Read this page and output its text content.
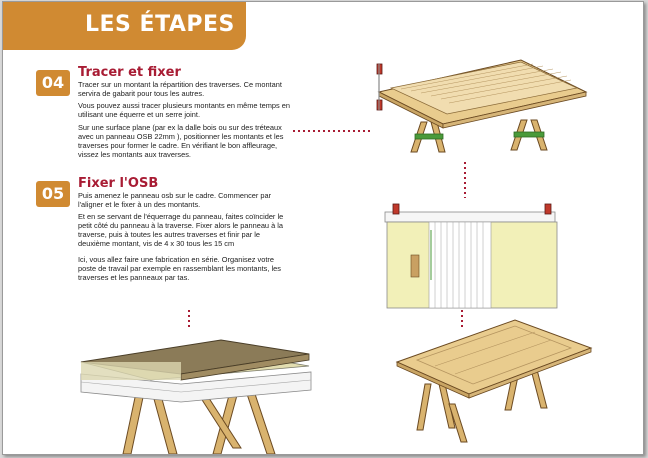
LES ÉTAPES
04
Tracer et fixer

Tracer sur un montant la répartition des traverses. Ce montant servira de gabarit pour tous les autres.

Vous pouvez aussi tracer plusieurs montants en même temps en utilisant une équerre et un serre joint.

Sur une surface plane (par ex la dalle bois ou sur des tréteaux avec un panneau OSB 22mm ), positionner les montants et les traverses pour former le cadre. En vérifiant le bon affleurage, vissez les montants aux traverses.

05
Fixer l'OSB

Puis amenez le panneau osb sur le cadre. Commencer par l'aligner et le fixer à un des montants.

Et en se servant de l'équerrage du panneau, faites coïncider le petit côté du panneau à la traverse. Fixer alors le panneau à la traverse, puis à toutes les autres traverses et finir par le deuxième montant, vis de 4 x 30 tous les 15 cm

Ici, vous allez faire une fabrication en série. Organisez votre poste de travail par exemple en rassemblant les montants, les traverses et les panneaux par tas.
